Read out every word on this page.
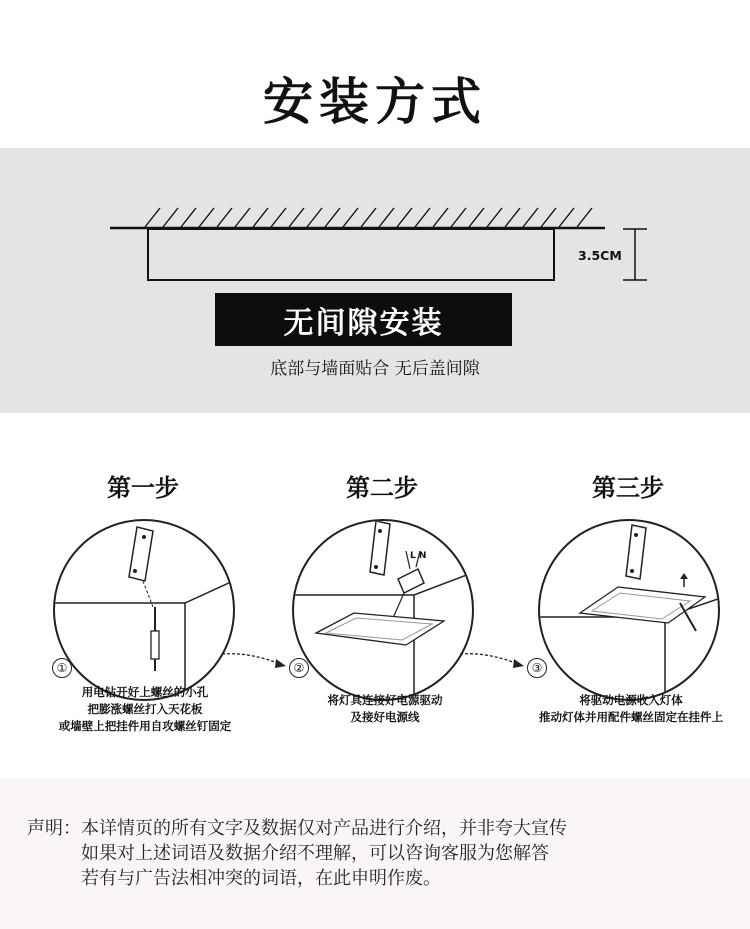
安装方式
3.5CM
无间隙安装
底部与墙面贴合 无后盖间隙
第一步	第二步	第三步
L N
①	②	③
用电钻开好上螺丝的小孔
把膨涨螺丝打入天花板
或墙壁上把挂件用自攻螺丝钉固定
将灯具连接好电源驱动
及接好电源线
将驱动电源收入灯体
推动灯体并用配件螺丝固定在挂件上
声明：本详情页的所有文字及数据仅对产品进行介绍，并非夸大宣传
如果对上述词语及数据介绍不理解，可以咨询客服为您解答
若有与广告法相冲突的词语，在此申明作废。
